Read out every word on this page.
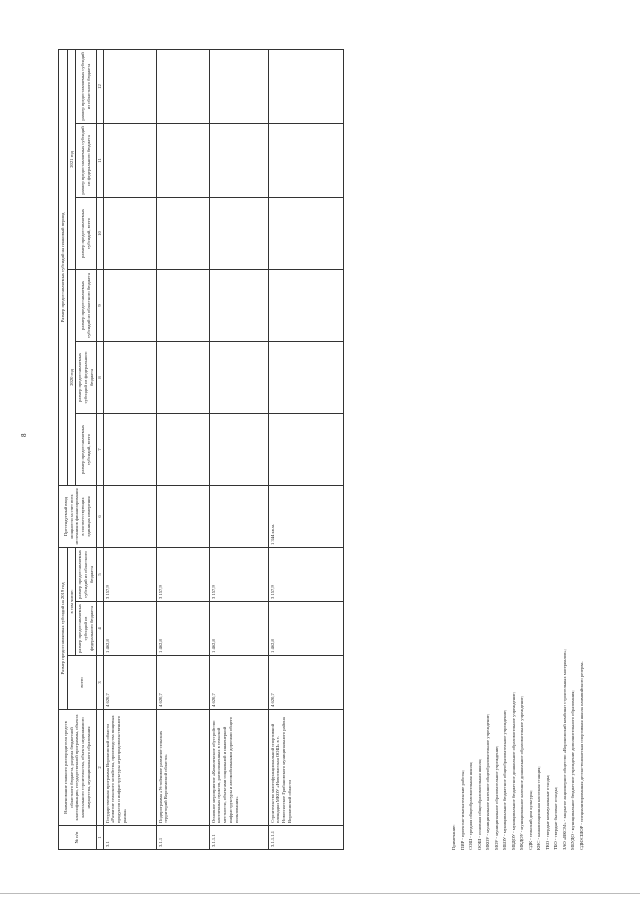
8
№ п/п	Наименование главного распорядителя средств областного бюджета, раздела бюджетной классификации, государственной программы, объекта капитального строительства, объекта недвижимого имущества, муниципального образования	Размер предоставляемых субсидий на 2019 год			Претендуемый ввод мощности за счет всех источников финансирования в соответствующих единицах измерения	Размер предоставляемых субсидий на плановый период					
		всего	в том числе:			2020 год			2021 год		
			размер предоставляемых субсидий из федерального бюджета	размер предоставляемых субсидий из областного бюджета		размер предоставляемых субсидий, всего	размер предоставляемых субсидий из федерального бюджета	размер предоставляемых субсидий из областного бюджета	размер предоставляемых субсидий, всего	размер предоставляемых субсидий из федерального бюджета	размер предоставляемых субсидий из областного бюджета
1	2	3	4	5	6	7	8	9	10	11	12
3.1	Государственная программа Воронежской области «Развитие сельского хозяйства, производства пищевых продуктов и инфраструктуры агропродовольственного рынка»	4 620,7	1 462,8	3 157,9							
3.1.1	Подпрограмма «Устойчивое развитие сельских территорий Воронежской области»	4 620,7	1 462,8	3 157,9							
3.1.1.1	Основное мероприятие «Комплексное обустройство населенных пунктов, расположенных в сельской местности, объектами социальной и инженерной инфраструктуры и автомобильными дорогами общего пользования»	4 620,7	1 462,8	3 157,9							
3.1.1.1.1	Строительство многофункциональной спортивной площадки МКОУ «Новоспасская ООШ» в с. Новоспасское Грибановского муниципального района Воронежской области	4 620,7	1 462,8	3 157,9	1 344 кв.м.						
Примечание: ПИР - проектно-изыскательские работы; СОШ - средняя общеобразовательная школа; ООШ - основная общеобразовательная школа; МКОУ - муниципальное казенное общеобразовательное учреждение; МОУ - муниципальное образовательное учреждение; МБОУ - муниципальное бюджетное общеобразовательное учреждение; МБДОУ - муниципальное бюджетное дошкольное образовательное учреждение; МКДОУ - муниципальное казенное дошкольное образовательное учреждение; СДК - сельский дом культуры; КНС - канализационная насосная станция; ТКО - твердые коммунальные отходы; ТБО - твердые бытовые отходы; ЗАО «ВКСМ» - закрытое акционерное общество «Воронежский комбинат строительных материалов»; МБУДО - муниципальное бюджетное учреждение дополнительного образования; СДЮСШОР - специализированная детско-юношеская спортивная школа олимпийского резерва.
